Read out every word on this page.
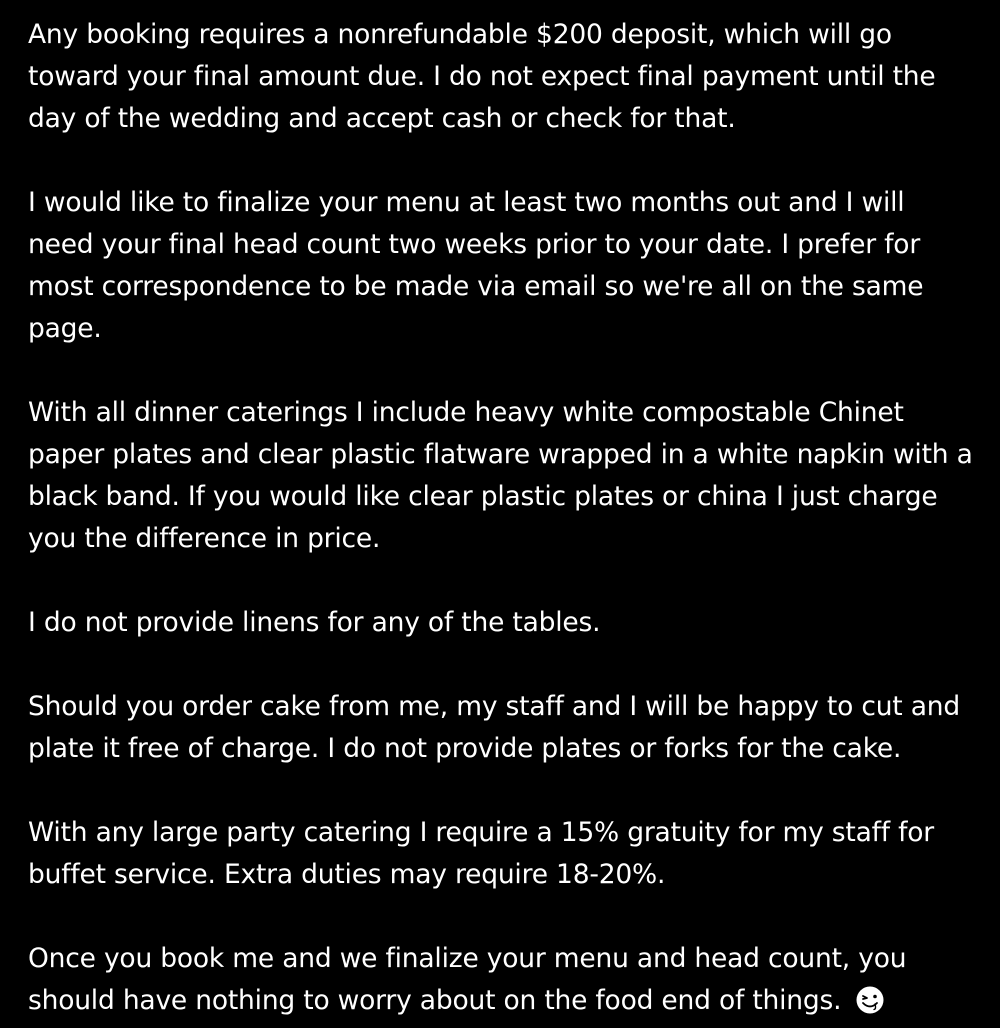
Any booking requires a nonrefundable $200 deposit, which will go toward your final amount due. I do not expect final payment until the day of the wedding and accept cash or check for that.

I would like to finalize your menu at least two months out and I will need your final head count two weeks prior to your date. I prefer for most correspondence to be made via email so we're all on the same page.

With all dinner caterings I include heavy white compostable Chinet paper plates and clear plastic flatware wrapped in a white napkin with a black band. If you would like clear plastic plates or china I just charge you the difference in price.

I do not provide linens for any of the tables.

Should you order cake from me, my staff and I will be happy to cut and plate it free of charge. I do not provide plates or forks for the cake.

With any large party catering I require a 15% gratuity for my staff for buffet service. Extra duties may require 18-20%.

Once you book me and we finalize your menu and head count, you should have nothing to worry about on the food end of things.
